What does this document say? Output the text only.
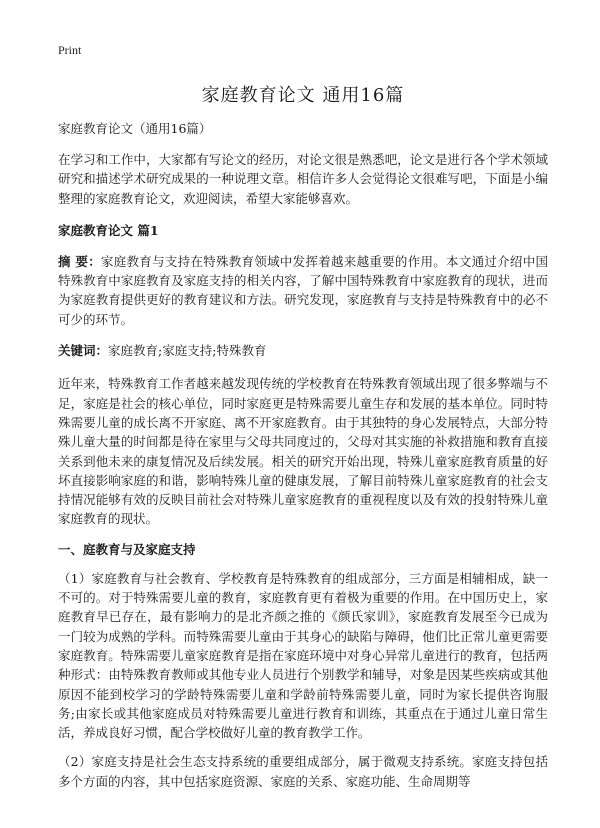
Print
家庭教育论文 通用16篇
家庭教育论文（通用16篇）

在学习和工作中，大家都有写论文的经历，对论文很是熟悉吧，论文是进行各个学术领域研究和描述学术研究成果的一种说理文章。相信许多人会觉得论文很难写吧，下面是小编整理的家庭教育论文，欢迎阅读，希望大家能够喜欢。

家庭教育论文 篇1

摘 要：家庭教育与支持在特殊教育领域中发挥着越来越重要的作用。本文通过介绍中国特殊教育中家庭教育及家庭支持的相关内容，了解中国特殊教育中家庭教育的现状，进而为家庭教育提供更好的教育建议和方法。研究发现，家庭教育与支持是特殊教育中的必不可少的环节。

关键词：家庭教育;家庭支持;特殊教育

近年来，特殊教育工作者越来越发现传统的学校教育在特殊教育领域出现了很多弊端与不足，家庭是社会的核心单位，同时家庭更是特殊需要儿童生存和发展的基本单位。同时特殊需要儿童的成长离不开家庭、离不开家庭教育。由于其独特的身心发展特点，大部分特殊儿童大量的时间都是待在家里与父母共同度过的，父母对其实施的补救措施和教育直接关系到他未来的康复情况及后续发展。相关的研究开始出现，特殊儿童家庭教育质量的好坏直接影响家庭的和谐，影响特殊儿童的健康发展，了解目前特殊儿童家庭教育的社会支持情况能够有效的反映目前社会对特殊儿童家庭教育的重视程度以及有效的投射特殊儿童家庭教育的现状。

一、庭教育与及家庭支持

（1）家庭教育与社会教育、学校教育是特殊教育的组成部分，三方面是相辅相成，缺一不可的。对于特殊需要儿童的教育，家庭教育更有着极为重要的作用。在中国历史上，家庭教育早已存在，最有影响力的是北齐颜之推的《颜氏家训》，家庭教育发展至今已成为一门较为成熟的学科。而特殊需要儿童由于其身心的缺陷与障碍，他们比正常儿童更需要家庭教育。特殊需要儿童家庭教育是指在家庭环境中对身心异常儿童进行的教育，包括两种形式：由特殊教育教师或其他专业人员进行个别教学和辅导，对象是因某些疾病或其他原因不能到校学习的学龄特殊需要儿童和学龄前特殊需要儿童，同时为家长提供咨询服务;由家长或其他家庭成员对特殊需要儿童进行教育和训练，其重点在于通过儿童日常生活，养成良好习惯，配合学校做好儿童的教育教学工作。

（2）家庭支持是社会生态支持系统的重要组成部分，属于微观支持系统。家庭支持包括多个方面的内容，其中包括家庭资源、家庭的关系、家庭功能、生命周期等
